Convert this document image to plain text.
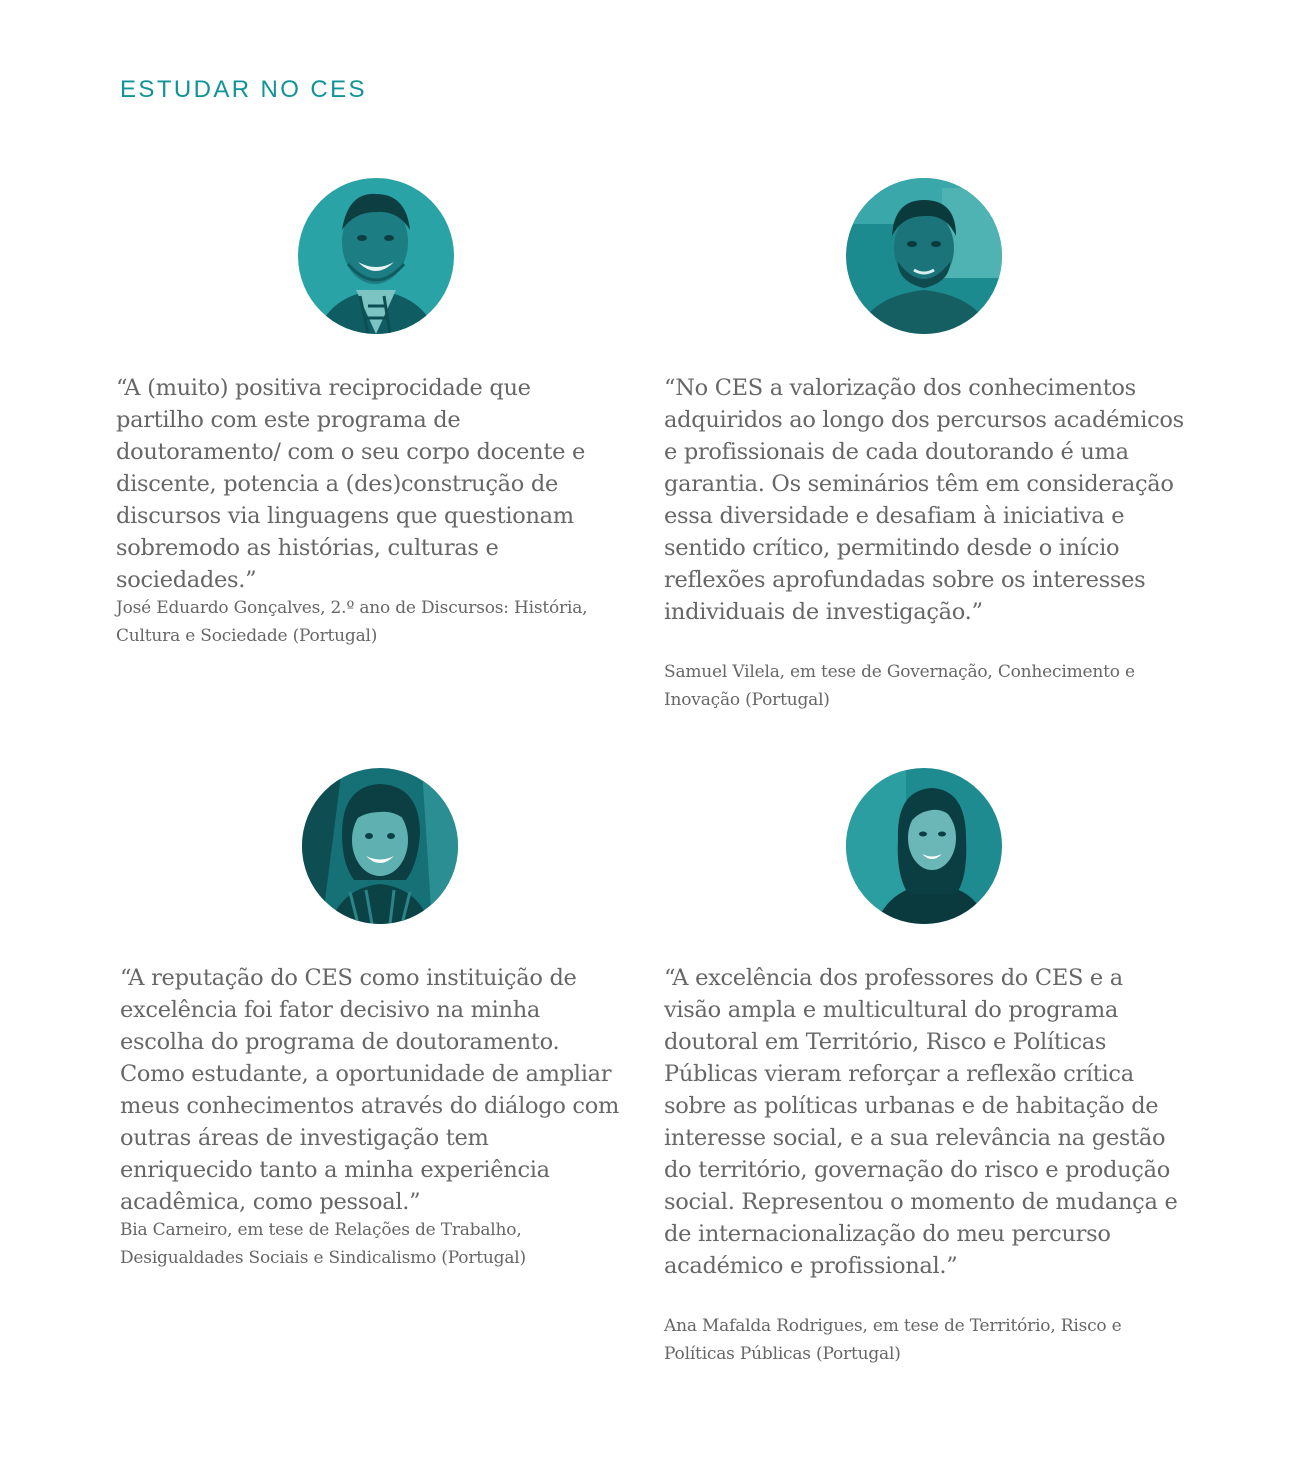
ESTUDAR NO CES

“A (muito) positiva reciprocidade que partilho com este programa de doutoramento/ com o seu corpo docente e discente, potencia a (des)construção de discursos via linguagens que questionam sobremodo as histórias, culturas e sociedades.”

José Eduardo Gonçalves, 2.º ano de Discursos: História, Cultura e Sociedade (Portugal)

“No CES a valorização dos conhecimentos adquiridos ao longo dos percursos académicos e profissionais de cada doutorando é uma garantia. Os seminários têm em consideração essa diversidade e desafiam à iniciativa e sentido crítico, permitindo desde o início reflexões aprofundadas sobre os interesses individuais de investigação.”

Samuel Vilela, em tese de Governação, Conhecimento e Inovação (Portugal)

“A reputação do CES como instituição de excelência foi fator decisivo na minha escolha do programa de doutoramento. Como estudante, a oportunidade de ampliar meus conhecimentos através do diálogo com outras áreas de investigação tem enriquecido tanto a minha experiência acadêmica, como pessoal.”

Bia Carneiro, em tese de Relações de Trabalho, Desigualdades Sociais e Sindicalismo (Portugal)

“A excelência dos professores do CES e a visão ampla e multicultural do programa doutoral em Território, Risco e Políticas Públicas vieram reforçar a reflexão crítica sobre as políticas urbanas e de habitação de interesse social, e a sua relevância na gestão do território, governação do risco e produção social. Representou o momento de mudança e de internacionalização do meu percurso académico e profissional.”

Ana Mafalda Rodrigues, em tese de Território, Risco e Políticas Públicas (Portugal)
